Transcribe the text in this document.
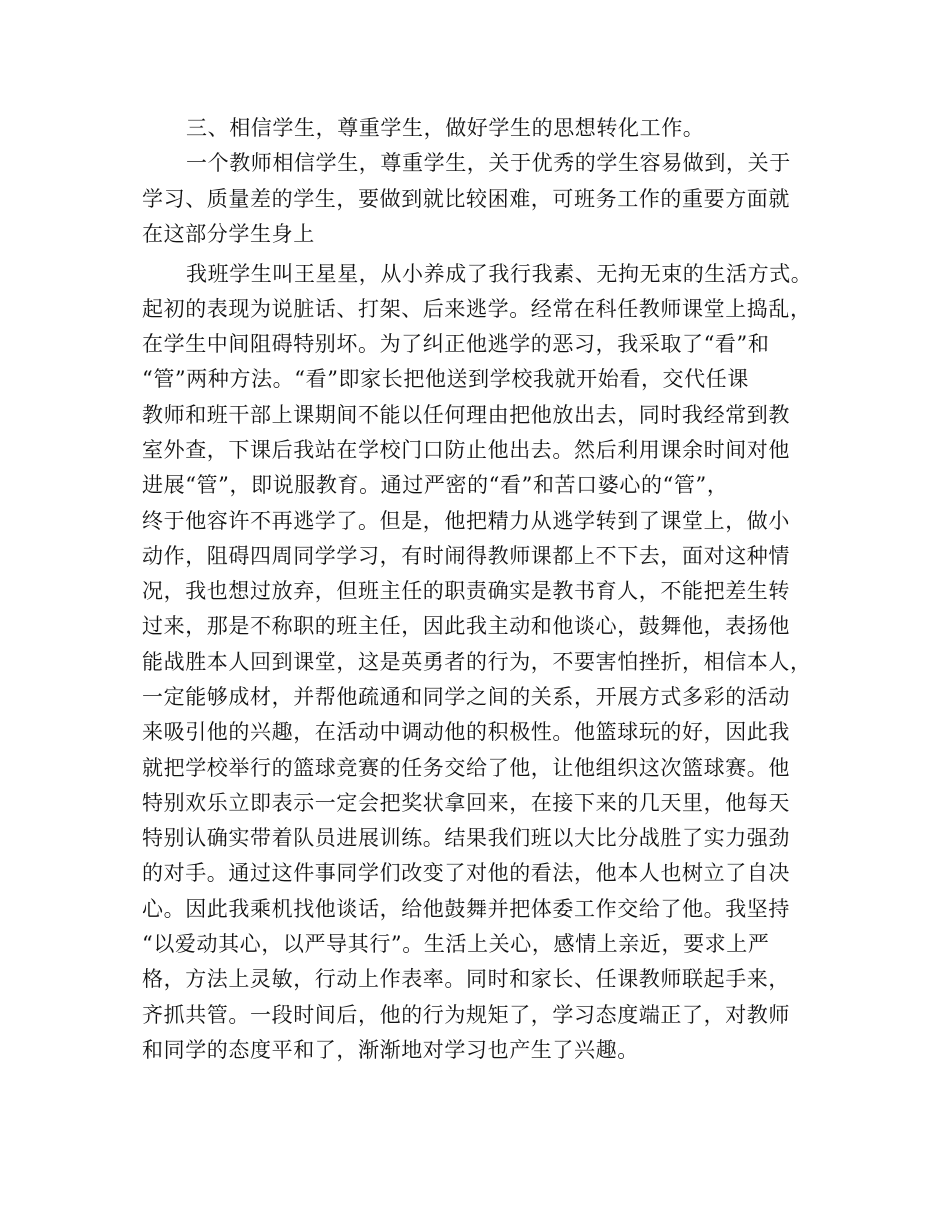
三、相信学生，尊重学生，做好学生的思想转化工作。
一个教师相信学生，尊重学生，关于优秀的学生容易做到，关于
学习、质量差的学生，要做到就比较困难，可班务工作的重要方面就
在这部分学生身上
我班学生叫王星星，从小养成了我行我素、无拘无束的生活方式。
起初的表现为说脏话、打架、后来逃学。经常在科任教师课堂上捣乱，
在学生中间阻碍特别坏。为了纠正他逃学的恶习，我采取了“看”和
“管”两种方法。“看”即家长把他送到学校我就开始看，交代任课
教师和班干部上课期间不能以任何理由把他放出去，同时我经常到教
室外查，下课后我站在学校门口防止他出去。然后利用课余时间对他
进展“管”，即说服教育。通过严密的“看”和苦口婆心的“管”，
终于他容许不再逃学了。但是，他把精力从逃学转到了课堂上，做小
动作，阻碍四周同学学习，有时闹得教师课都上不下去，面对这种情
况，我也想过放弃，但班主任的职责确实是教书育人，不能把差生转
过来，那是不称职的班主任，因此我主动和他谈心，鼓舞他，表扬他
能战胜本人回到课堂，这是英勇者的行为，不要害怕挫折，相信本人，
一定能够成材，并帮他疏通和同学之间的关系，开展方式多彩的活动
来吸引他的兴趣，在活动中调动他的积极性。他篮球玩的好，因此我
就把学校举行的篮球竞赛的任务交给了他，让他组织这次篮球赛。他
特别欢乐立即表示一定会把奖状拿回来，在接下来的几天里，他每天
特别认确实带着队员进展训练。结果我们班以大比分战胜了实力强劲
的对手。通过这件事同学们改变了对他的看法，他本人也树立了自决
心。因此我乘机找他谈话，给他鼓舞并把体委工作交给了他。我坚持
“以爱动其心，以严导其行”。生活上关心，感情上亲近，要求上严
格，方法上灵敏，行动上作表率。同时和家长、任课教师联起手来，
齐抓共管。一段时间后，他的行为规矩了，学习态度端正了，对教师
和同学的态度平和了，渐渐地对学习也产生了兴趣。
